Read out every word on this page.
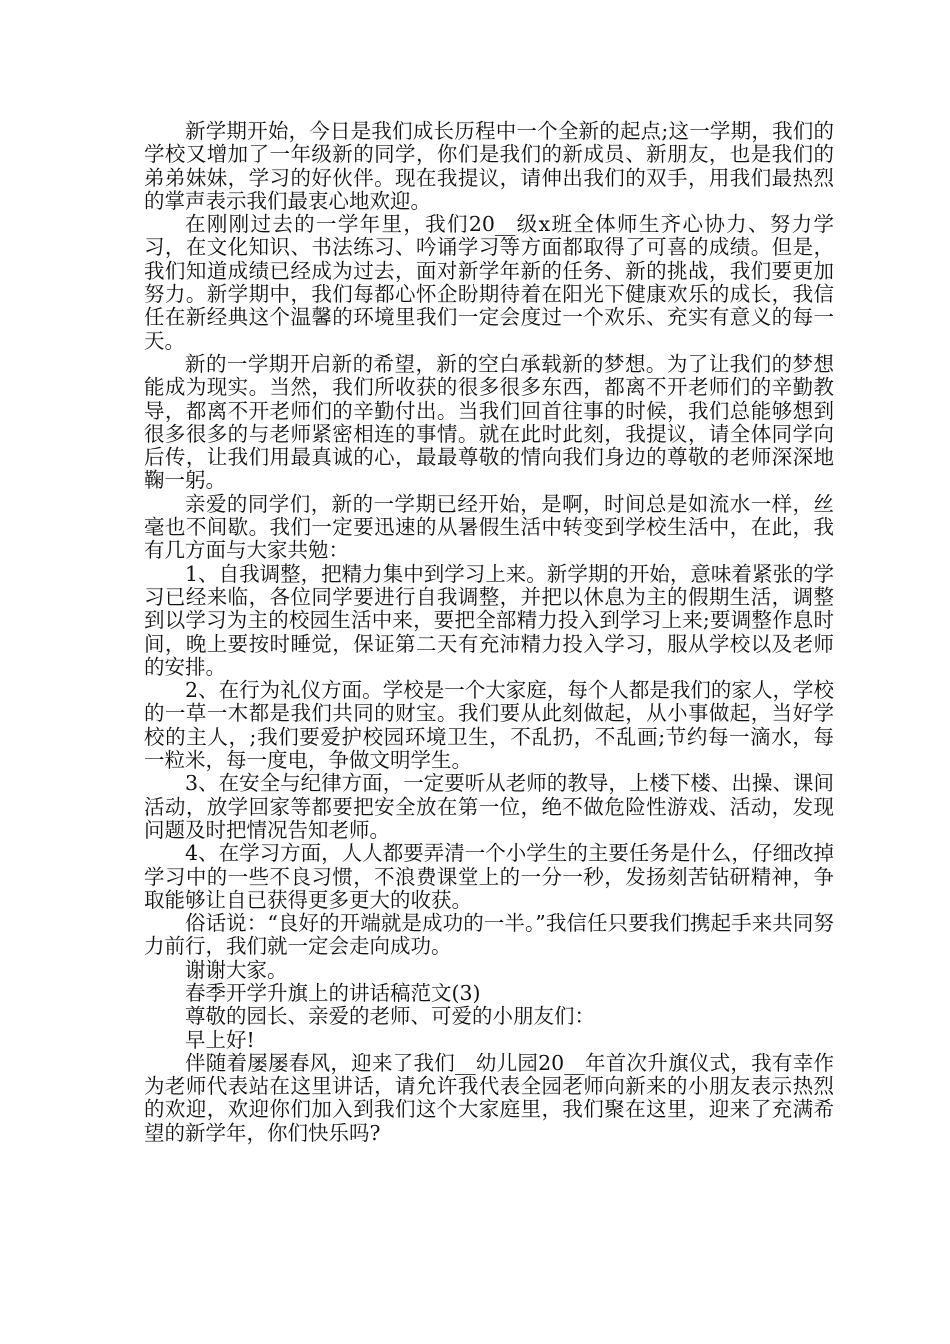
新学期开始，今日是我们成长历程中一个全新的起点;这一学期，我们的学校又增加了一年级新的同学，你们是我们的新成员、新朋友，也是我们的弟弟妹妹，学习的好伙伴。现在我提议，请伸出我们的双手，用我们最热烈的掌声表示我们最衷心地欢迎。

在刚刚过去的一学年里，我们20__级x班全体师生齐心协力、努力学习，在文化知识、书法练习、吟诵学习等方面都取得了可喜的成绩。但是，我们知道成绩已经成为过去，面对新学年新的任务、新的挑战，我们要更加努力。新学期中，我们每都心怀企盼期待着在阳光下健康欢乐的成长，我信任在新经典这个温馨的环境里我们一定会度过一个欢乐、充实有意义的每一天。

新的一学期开启新的希望，新的空白承载新的梦想。为了让我们的梦想能成为现实。当然，我们所收获的很多很多东西，都离不开老师们的辛勤教导，都离不开老师们的辛勤付出。当我们回首往事的时候，我们总能够想到很多很多的与老师紧密相连的事情。就在此时此刻，我提议，请全体同学向后传，让我们用最真诚的心，最最尊敬的情向我们身边的尊敬的老师深深地鞠一躬。

亲爱的同学们，新的一学期已经开始，是啊，时间总是如流水一样，丝毫也不间歇。我们一定要迅速的从暑假生活中转变到学校生活中，在此，我有几方面与大家共勉：

1、自我调整，把精力集中到学习上来。新学期的开始，意味着紧张的学习已经来临，各位同学要进行自我调整，并把以休息为主的假期生活，调整到以学习为主的校园生活中来，要把全部精力投入到学习上来;要调整作息时间，晚上要按时睡觉，保证第二天有充沛精力投入学习，服从学校以及老师的安排。

2、在行为礼仪方面。学校是一个大家庭，每个人都是我们的家人，学校的一草一木都是我们共同的财宝。我们要从此刻做起，从小事做起，当好学校的主人，;我们要爱护校园环境卫生，不乱扔，不乱画;节约每一滴水，每一粒米，每一度电，争做文明学生。

3、在安全与纪律方面，一定要听从老师的教导，上楼下楼、出操、课间活动，放学回家等都要把安全放在第一位，绝不做危险性游戏、活动，发现问题及时把情况告知老师。

4、在学习方面，人人都要弄清一个小学生的主要任务是什么，仔细改掉学习中的一些不良习惯，不浪费课堂上的一分一秒，发扬刻苦钻研精神，争取能够让自已获得更多更大的收获。

俗话说：“良好的开端就是成功的一半。”我信任只要我们携起手来共同努力前行，我们就一定会走向成功。

谢谢大家。

春季开学升旗上的讲话稿范文(3)

尊敬的园长、亲爱的老师、可爱的小朋友们：

早上好!

伴随着屡屡春风，迎来了我们__幼儿园20__年首次升旗仪式，我有幸作为老师代表站在这里讲话，请允许我代表全园老师向新来的小朋友表示热烈的欢迎，欢迎你们加入到我们这个大家庭里，我们聚在这里，迎来了充满希望的新学年，你们快乐吗?
